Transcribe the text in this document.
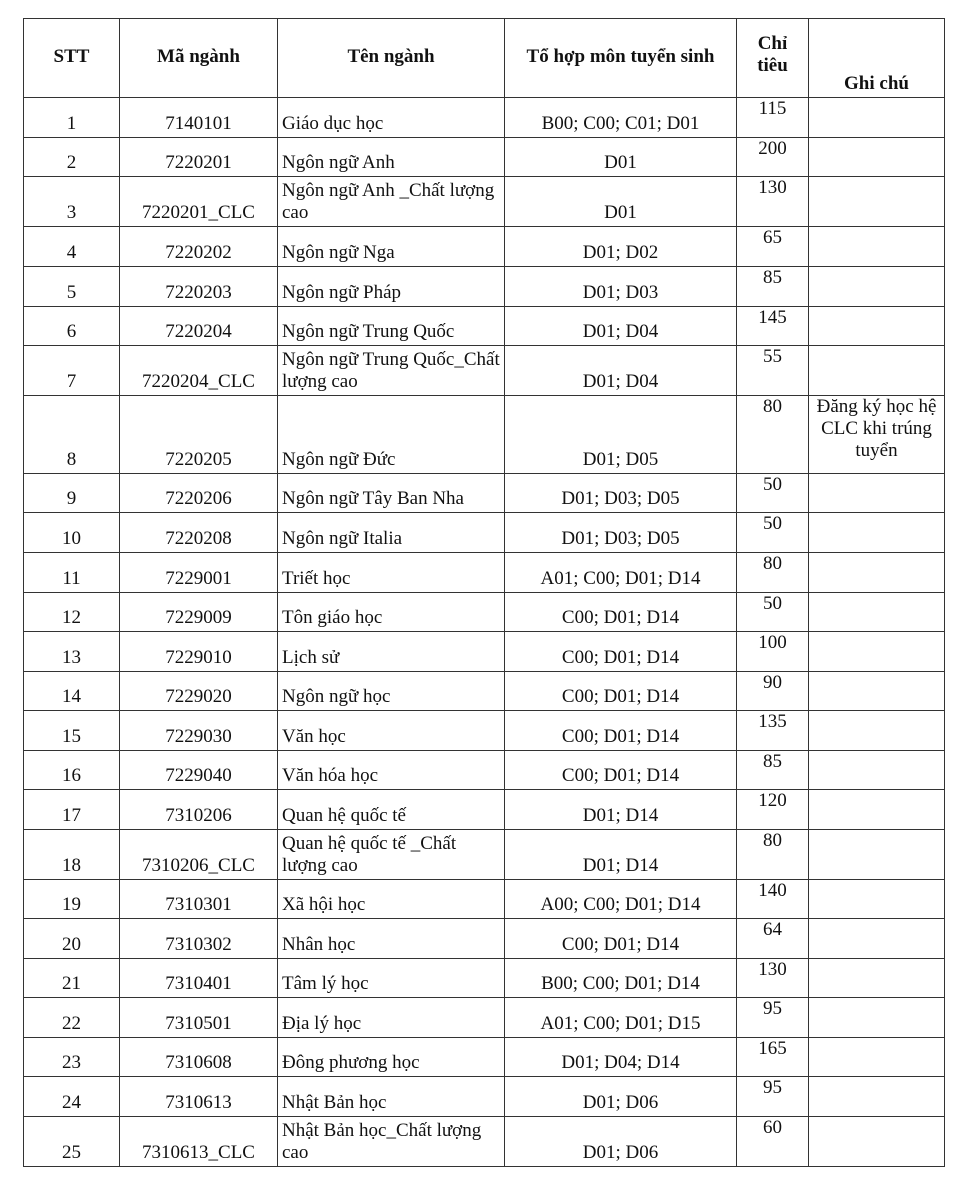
STT	Mã ngành	Tên ngành	Tổ hợp môn tuyển sinh	Chỉ tiêu	Ghi chú
1	7140101	Giáo dục học	B00; C00; C01; D01	115	
2	7220201	Ngôn ngữ Anh	D01	200	
3	7220201_CLC	Ngôn ngữ Anh _Chất lượng cao	D01	130	
4	7220202	Ngôn ngữ Nga	D01; D02	65	
5	7220203	Ngôn ngữ Pháp	D01; D03	85	
6	7220204	Ngôn ngữ Trung Quốc	D01; D04	145	
7	7220204_CLC	Ngôn ngữ Trung Quốc_Chất lượng cao	D01; D04	55	
8	7220205	Ngôn ngữ Đức	D01; D05	80	Đăng ký học hệ CLC khi trúng tuyển
9	7220206	Ngôn ngữ Tây Ban Nha	D01; D03; D05	50	
10	7220208	Ngôn ngữ Italia	D01; D03; D05	50	
11	7229001	Triết học	A01; C00; D01; D14	80	
12	7229009	Tôn giáo học	C00; D01; D14	50	
13	7229010	Lịch sử	C00; D01; D14	100	
14	7229020	Ngôn ngữ học	C00; D01; D14	90	
15	7229030	Văn học	C00; D01; D14	135	
16	7229040	Văn hóa học	C00; D01; D14	85	
17	7310206	Quan hệ quốc tế	D01; D14	120	
18	7310206_CLC	Quan hệ quốc tế _Chất lượng cao	D01; D14	80	
19	7310301	Xã hội học	A00; C00; D01; D14	140	
20	7310302	Nhân học	C00; D01; D14	64	
21	7310401	Tâm lý học	B00; C00; D01; D14	130	
22	7310501	Địa lý học	A01; C00; D01; D15	95	
23	7310608	Đông phương học	D01; D04; D14	165	
24	7310613	Nhật Bản học	D01; D06	95	
25	7310613_CLC	Nhật Bản học_Chất lượng cao	D01; D06	60	
